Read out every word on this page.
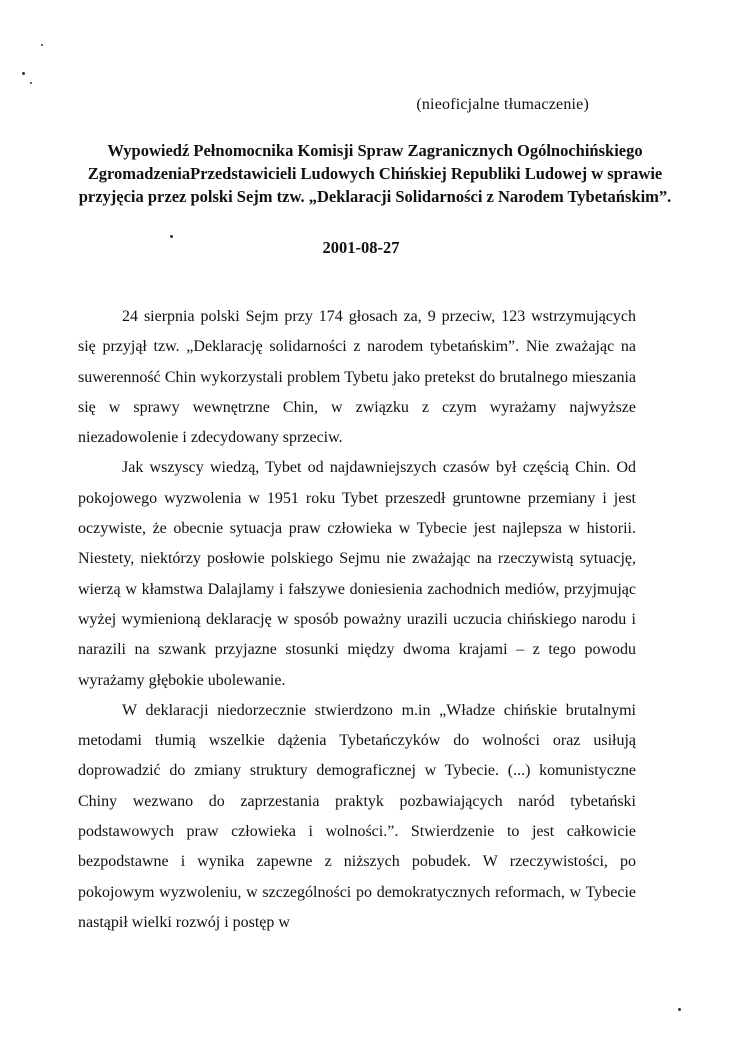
(nieoficjalne tłumaczenie)

Wypowiedź Pełnomocnika Komisji Spraw Zagranicznych Ogólnochińskiego ZgromadzeniaPrzedstawicieli Ludowych Chińskiej Republiki Ludowej w sprawie przyjęcia przez polski Sejm tzw. „Deklaracji Solidarności z Narodem Tybetańskim”.

2001-08-27

24 sierpnia polski Sejm przy 174 głosach za, 9 przeciw, 123 wstrzymujących się przyjął tzw. „Deklarację solidarności z narodem tybetańskim”. Nie zważając na suwerenność Chin wykorzystali problem Tybetu jako pretekst do brutalnego mieszania się w sprawy wewnętrzne Chin, w związku z czym wyrażamy najwyższe niezadowolenie i zdecydowany sprzeciw.

Jak wszyscy wiedzą, Tybet od najdawniejszych czasów był częścią Chin. Od pokojowego wyzwolenia w 1951 roku Tybet przeszedł gruntowne przemiany i jest oczywiste, że obecnie sytuacja praw człowieka w Tybecie jest najlepsza w historii. Niestety, niektórzy posłowie polskiego Sejmu nie zważając na rzeczywistą sytuację, wierzą w kłamstwa Dalajlamy i fałszywe doniesienia zachodnich mediów, przyjmując wyżej wymienioną deklarację w sposób poważny urazili uczucia chińskiego narodu i narazili na szwank przyjazne stosunki między dwoma krajami – z tego powodu wyrażamy głębokie ubolewanie.

W deklaracji niedorzecznie stwierdzono m.in „Władze chińskie brutalnymi metodami tłumią wszelkie dążenia Tybetańczyków do wolności oraz usiłują doprowadzić do zmiany struktury demograficznej w Tybecie. (...) komunistyczne Chiny wezwano do zaprzestania praktyk pozbawiających naród tybetański podstawowych praw człowieka i wolności.”. Stwierdzenie to jest całkowicie bezpodstawne i wynika zapewne z niższych pobudek. W rzeczywistości, po pokojowym wyzwoleniu, w szczególności po demokratycznych reformach, w Tybecie nastąpił wielki rozwój i postęp w
